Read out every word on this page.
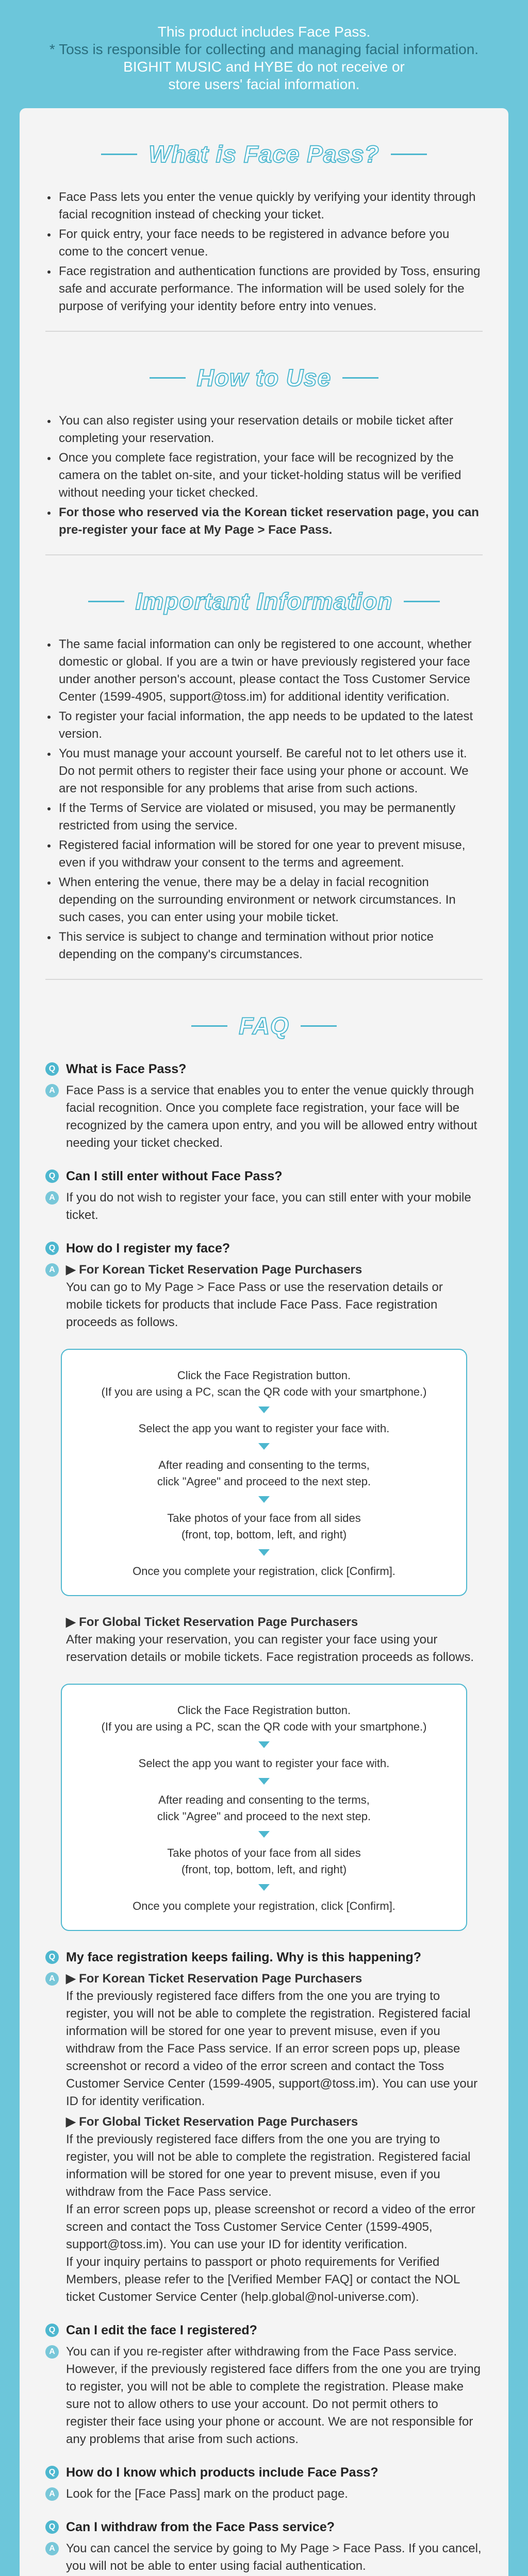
This product includes Face Pass.
* Toss is responsible for collecting and managing facial information.
BIGHIT MUSIC and HYBE do not receive or
store users' facial information.
What is Face Pass?
Face Pass lets you enter the venue quickly by verifying your identity through facial recognition instead of checking your ticket.
For quick entry, your face needs to be registered in advance before you come to the concert venue.
Face registration and authentication functions are provided by Toss, ensuring safe and accurate performance. The information will be used solely for the purpose of verifying your identity before entry into venues.
How to Use
You can also register using your reservation details or mobile ticket after completing your reservation.
Once you complete face registration, your face will be recognized by the camera on the tablet on-site, and your ticket-holding status will be verified without needing your ticket checked.
For those who reserved via the Korean ticket reservation page, you can pre-register your face at My Page > Face Pass.
Important Information
The same facial information can only be registered to one account, whether domestic or global. If you are a twin or have previously registered your face under another person's account, please contact the Toss Customer Service Center (1599-4905, support@toss.im) for additional identity verification.
To register your facial information, the app needs to be updated to the latest version.
You must manage your account yourself. Be careful not to let others use it. Do not permit others to register their face using your phone or account. We are not responsible for any problems that arise from such actions.
If the Terms of Service are violated or misused, you may be permanently restricted from using the service.
Registered facial information will be stored for one year to prevent misuse, even if you withdraw your consent to the terms and agreement.
When entering the venue, there may be a delay in facial recognition depending on the surrounding environment or network circumstances. In such cases, you can enter using your mobile ticket.
This service is subject to change and termination without prior notice depending on the company's circumstances.
FAQ
Q What is Face Pass?
A Face Pass is a service that enables you to enter the venue quickly through facial recognition. Once you complete face registration, your face will be recognized by the camera upon entry, and you will be allowed entry without needing your ticket checked.
Q Can I still enter without Face Pass?
A If you do not wish to register your face, you can still enter with your mobile ticket.
Q How do I register my face?
A ▶ For Korean Ticket Reservation Page Purchasers
You can go to My Page > Face Pass or use the reservation details or mobile tickets for products that include Face Pass. Face registration proceeds as follows.
Click the Face Registration button.
(If you are using a PC, scan the QR code with your smartphone.)
Select the app you want to register your face with.
After reading and consenting to the terms,
click "Agree" and proceed to the next step.
Take photos of your face from all sides
(front, top, bottom, left, and right)
Once you complete your registration, click [Confirm].
▶ For Global Ticket Reservation Page Purchasers
After making your reservation, you can register your face using your reservation details or mobile tickets. Face registration proceeds as follows.
Click the Face Registration button.
(If you are using a PC, scan the QR code with your smartphone.)
Select the app you want to register your face with.
After reading and consenting to the terms,
click "Agree" and proceed to the next step.
Take photos of your face from all sides
(front, top, bottom, left, and right)
Once you complete your registration, click [Confirm].
Q My face registration keeps failing. Why is this happening?
A ▶ For Korean Ticket Reservation Page Purchasers
If the previously registered face differs from the one you are trying to register, you will not be able to complete the registration. Registered facial information will be stored for one year to prevent misuse, even if you withdraw from the Face Pass service. If an error screen pops up, please screenshot or record a video of the error screen and contact the Toss Customer Service Center (1599-4905, support@toss.im). You can use your ID for identity verification.
▶ For Global Ticket Reservation Page Purchasers
If the previously registered face differs from the one you are trying to register, you will not be able to complete the registration. Registered facial information will be stored for one year to prevent misuse, even if you withdraw from the Face Pass service.
If an error screen pops up, please screenshot or record a video of the error screen and contact the Toss Customer Service Center (1599-4905, support@toss.im). You can use your ID for identity verification.
If your inquiry pertains to passport or photo requirements for Verified Members, please refer to the [Verified Member FAQ] or contact the NOL ticket Customer Service Center (help.global@nol-universe.com).
Q Can I edit the face I registered?
A You can if you re-register after withdrawing from the Face Pass service. However, if the previously registered face differs from the one you are trying to register, you will not be able to complete the registration. Please make sure not to allow others to use your account. Do not permit others to register their face using your phone or account. We are not responsible for any problems that arise from such actions.
Q How do I know which products include Face Pass?
A Look for the [Face Pass] mark on the product page.
Q Can I withdraw from the Face Pass service?
A You can cancel the service by going to My Page > Face Pass. If you cancel, you will not be able to enter using facial authentication.
